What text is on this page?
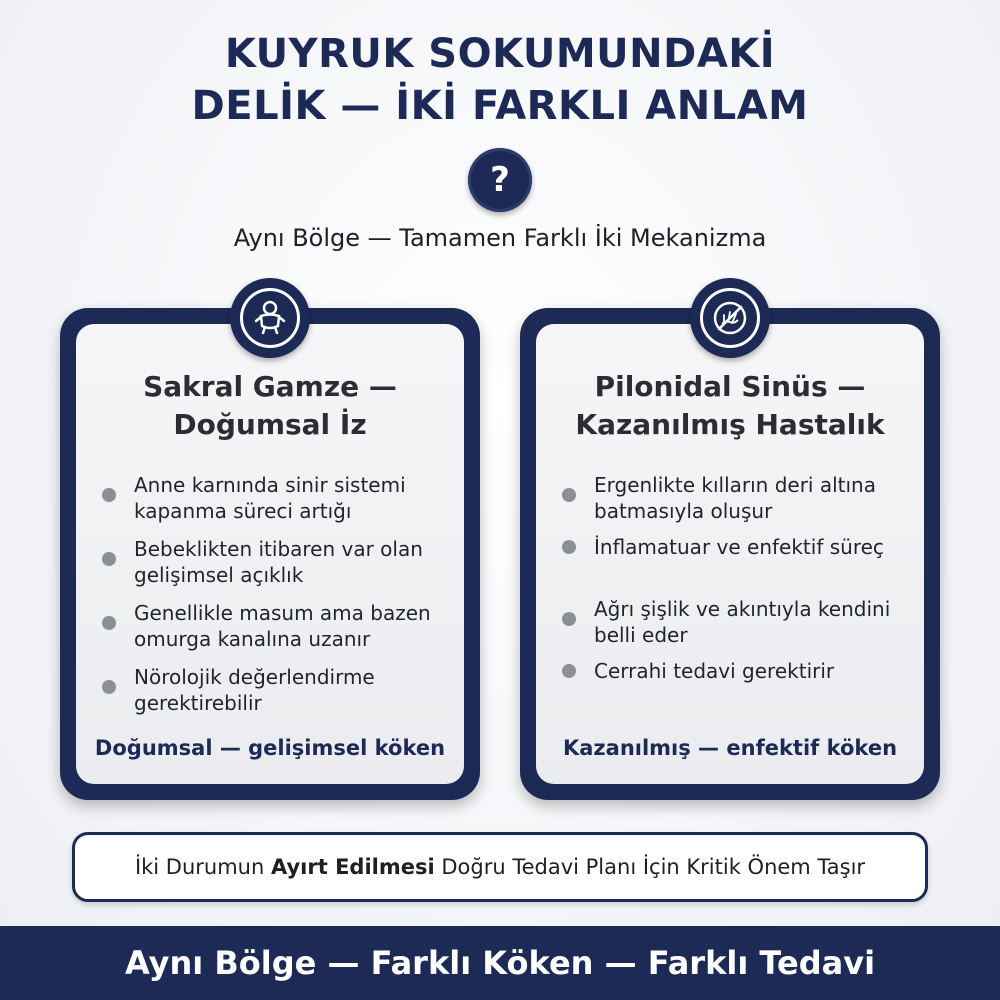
KUYRUK SOKUMUNDAKİ
DELİK — İKİ FARKLI ANLAM
?
Aynı Bölge — Tamamen Farklı İki Mekanizma
Sakral Gamze —
Doğumsal İz
Anne karnında sinir sistemi kapanma süreci artığı
Bebeklikten itibaren var olan gelişimsel açıklık
Genellikle masum ama bazen omurga kanalına uzanır
Nörolojik değerlendirme gerektirebilir
Doğumsal — gelişimsel köken
Pilonidal Sinüs —
Kazanılmış Hastalık
Ergenlikte kılların deri altına batmasıyla oluşur
İnflamatuar ve enfektif süreç
Ağrı şişlik ve akıntıyla kendini belli eder
Cerrahi tedavi gerektirir
Kazanılmış — enfektif köken
İki Durumun Ayırt Edilmesi Doğru Tedavi Planı İçin Kritik Önem Taşır
Aynı Bölge — Farklı Köken — Farklı Tedavi
